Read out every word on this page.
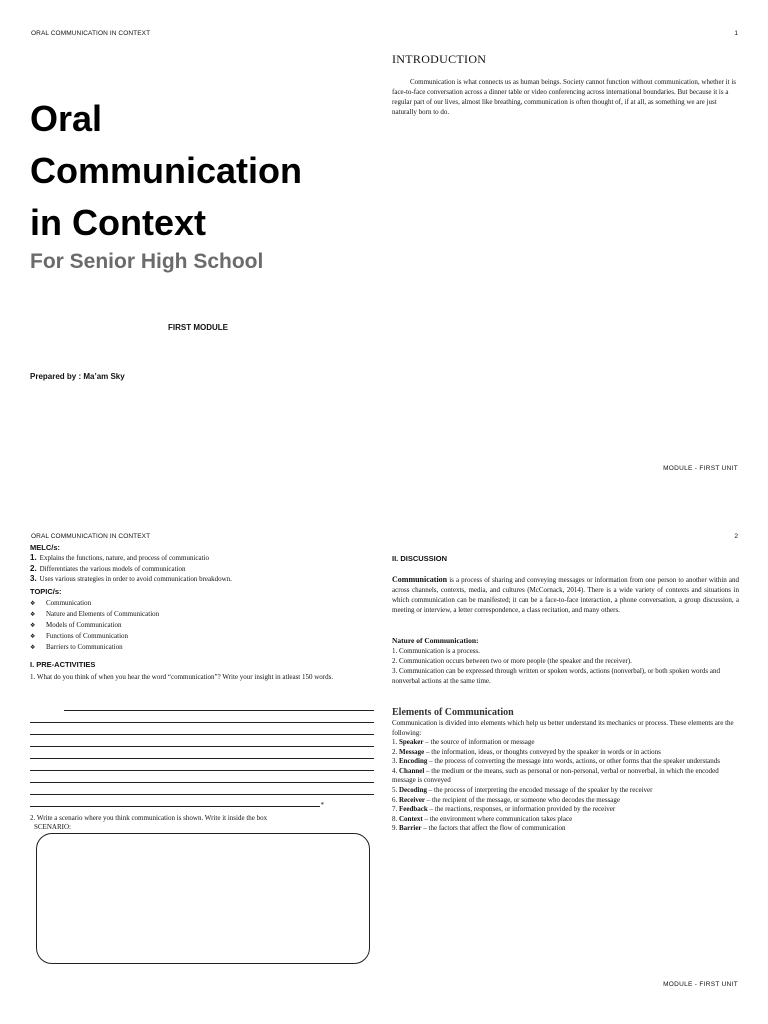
ORAL COMMUNICATION IN CONTEXT	1
Oral
Communication
in Context
For Senior High School
FIRST MODULE
Prepared by : Ma’am Sky
INTRODUCTION

Communication is what connects us as human beings. Society cannot function without communication, whether it is face-to-face conversation across a dinner table or video conferencing across international boundaries. But because it is a regular part of our lives, almost like breathing, communication is often thought of, if at all, as something we are just naturally born to do.

MODULE - FIRST UNIT
ORAL COMMUNICATION IN CONTEXT	2
MODULE - FIRST UNIT
MELC/s:
1. Explains the functions, nature, and process of communicatio
2. Differentiates the various models of communication
3. Uses various strategies in order to avoid communication breakdown.
TOPIC/s:
❖ Communication
❖ Nature and Elements of Communication
❖ Models of Communication
❖ Functions of Communication
❖ Barriers to Communication
I. PRE-ACTIVITIES

1. What do you think of when you hear the word “communication”? Write your insight in atleast 150 words.

*

2. Write a scenario where you think communication is shown. Write it inside the box

SCENARIO:
II. DISCUSSION

Communication is a process of sharing and conveying messages or information from one person to another within and across channels, contexts, media, and cultures (McCornack, 2014). There is a wide variety of contexts and situations in which communication can be manifested; it can be a face-to-face interaction, a phone conversation, a group discussion, a meeting or interview, a letter correspondence, a class recitation, and many others.

Nature of Communication:
1. Communication is a process.
2. Communication occurs between two or more people (the speaker and the receiver).
3. Communication can be expressed through written or spoken words, actions (nonverbal), or both spoken words and nonverbal actions at the same time.
Elements of Communication

Communication is divided into elements which help us better understand its mechanics or process. These elements are the following:

1. Speaker – the source of information or message
2. Message – the information, ideas, or thoughts conveyed by the speaker in words or in actions
3. Encoding – the process of converting the message into words, actions, or other forms that the speaker understands
4. Channel – the medium or the means, such as personal or non-personal, verbal or nonverbal, in which the encoded message is conveyed
5. Decoding – the process of interpreting the encoded message of the speaker by the receiver
6. Receiver – the recipient of the message, or someone who decodes the message
7. Feedback – the reactions, responses, or information provided by the receiver
8. Context – the environment where communication takes place
9. Barrier – the factors that affect the flow of communication
